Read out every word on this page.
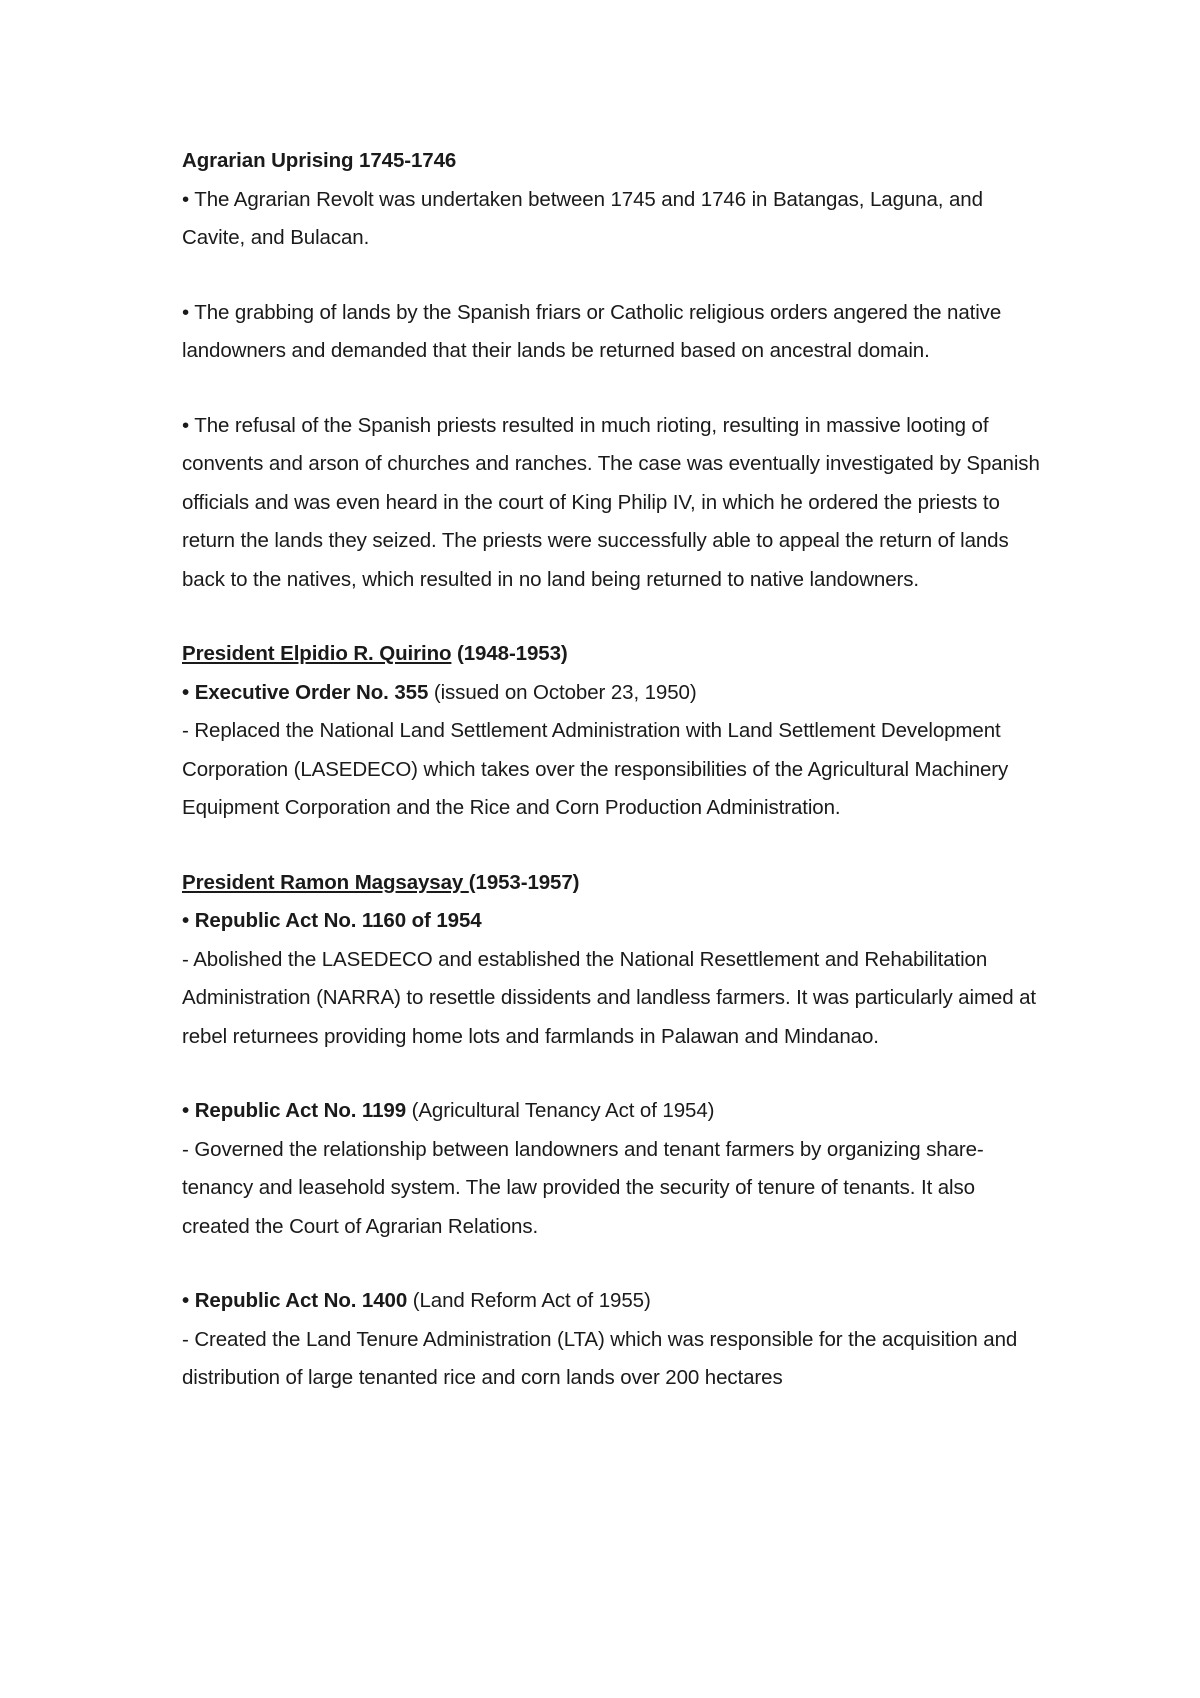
Agrarian Uprising 1745-1746

• The Agrarian Revolt was undertaken between 1745 and 1746 in Batangas, Laguna, and Cavite, and Bulacan.

• The grabbing of lands by the Spanish friars or Catholic religious orders angered the native landowners and demanded that their lands be returned based on ancestral domain.

• The refusal of the Spanish priests resulted in much rioting, resulting in massive looting of convents and arson of churches and ranches. The case was eventually investigated by Spanish officials and was even heard in the court of King Philip IV, in which he ordered the priests to return the lands they seized. The priests were successfully able to appeal the return of lands back to the natives, which resulted in no land being returned to native landowners.

President Elpidio R. Quirino (1948-1953)

• Executive Order No. 355 (issued on October 23, 1950)

- Replaced the National Land Settlement Administration with Land Settlement Development Corporation (LASEDECO) which takes over the responsibilities of the Agricultural Machinery Equipment Corporation and the Rice and Corn Production Administration.

President Ramon Magsaysay (1953-1957)

• Republic Act No. 1160 of 1954

- Abolished the LASEDECO and established the National Resettlement and Rehabilitation Administration (NARRA) to resettle dissidents and landless farmers. It was particularly aimed at rebel returnees providing home lots and farmlands in Palawan and Mindanao.

• Republic Act No. 1199 (Agricultural Tenancy Act of 1954)

- Governed the relationship between landowners and tenant farmers by organizing share-tenancy and leasehold system. The law provided the security of tenure of tenants. It also created the Court of Agrarian Relations.

• Republic Act No. 1400 (Land Reform Act of 1955)

- Created the Land Tenure Administration (LTA) which was responsible for the acquisition and distribution of large tenanted rice and corn lands over 200 hectares
